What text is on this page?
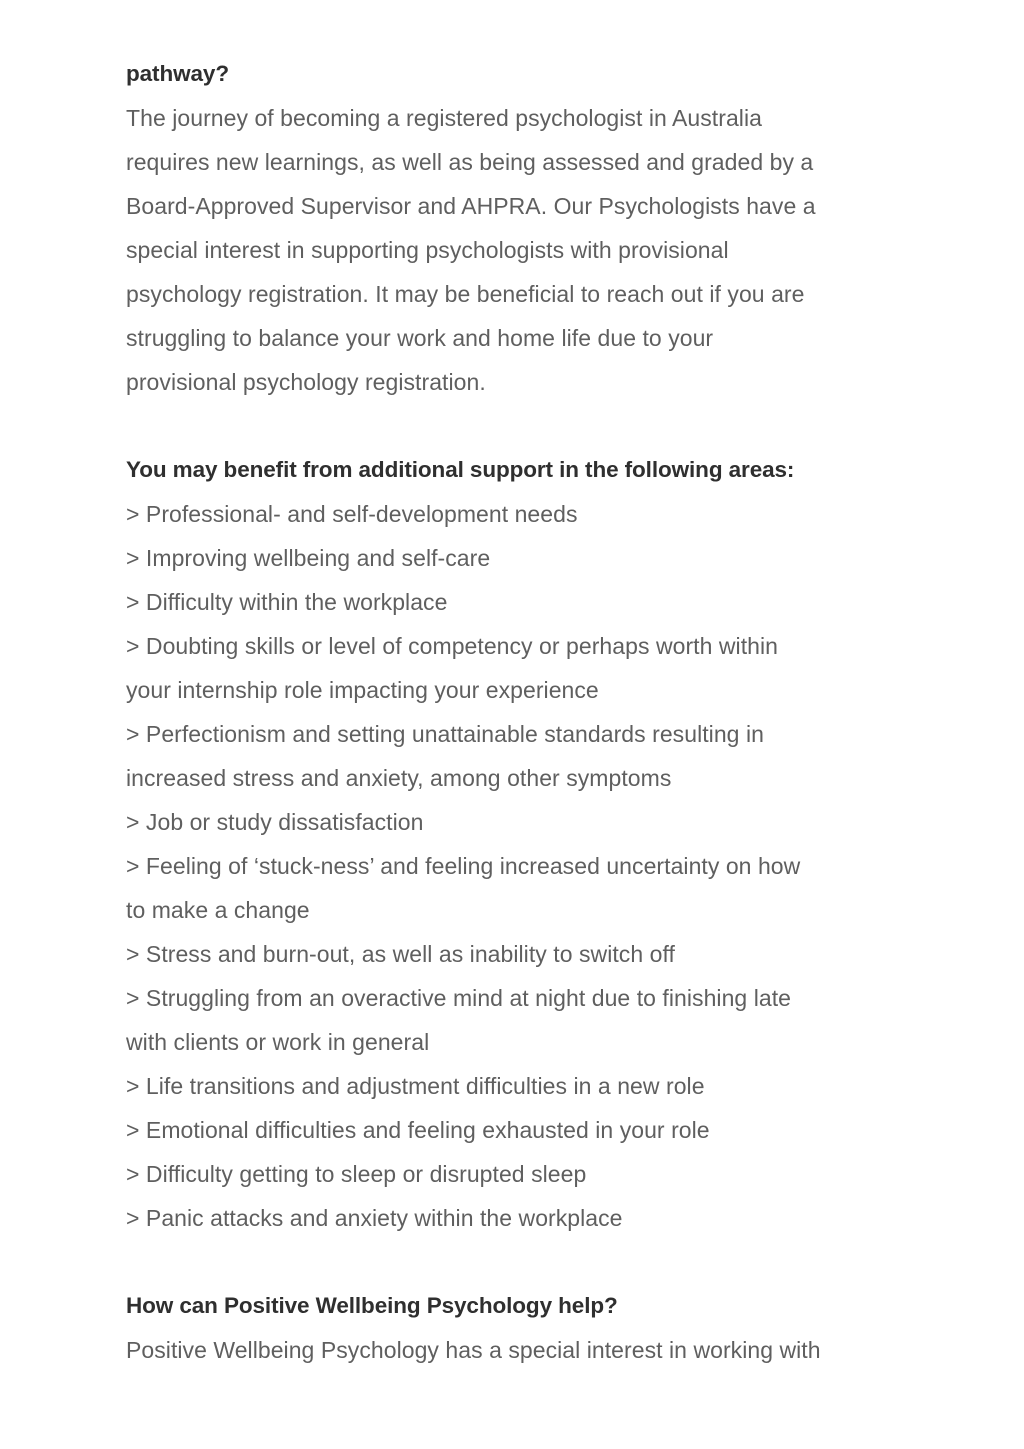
pathway?

The journey of becoming a registered psychologist in Australia
requires new learnings, as well as being assessed and graded by a
Board-Approved Supervisor and AHPRA. Our Psychologists have a
special interest in supporting psychologists with provisional
psychology registration. It may be beneficial to reach out if you are
struggling to balance your work and home life due to your
provisional psychology registration.

You may benefit from additional support in the following areas:
> Professional- and self-development needs
> Improving wellbeing and self-care
> Difficulty within the workplace
> Doubting skills or level of competency or perhaps worth within
your internship role impacting your experience
> Perfectionism and setting unattainable standards resulting in
increased stress and anxiety, among other symptoms
> Job or study dissatisfaction
> Feeling of ‘stuck-ness’ and feeling increased uncertainty on how
to make a change
> Stress and burn-out, as well as inability to switch off
> Struggling from an overactive mind at night due to finishing late
with clients or work in general
> Life transitions and adjustment difficulties in a new role
> Emotional difficulties and feeling exhausted in your role
> Difficulty getting to sleep or disrupted sleep
> Panic attacks and anxiety within the workplace
How can Positive Wellbeing Psychology help?

Positive Wellbeing Psychology has a special interest in working with
